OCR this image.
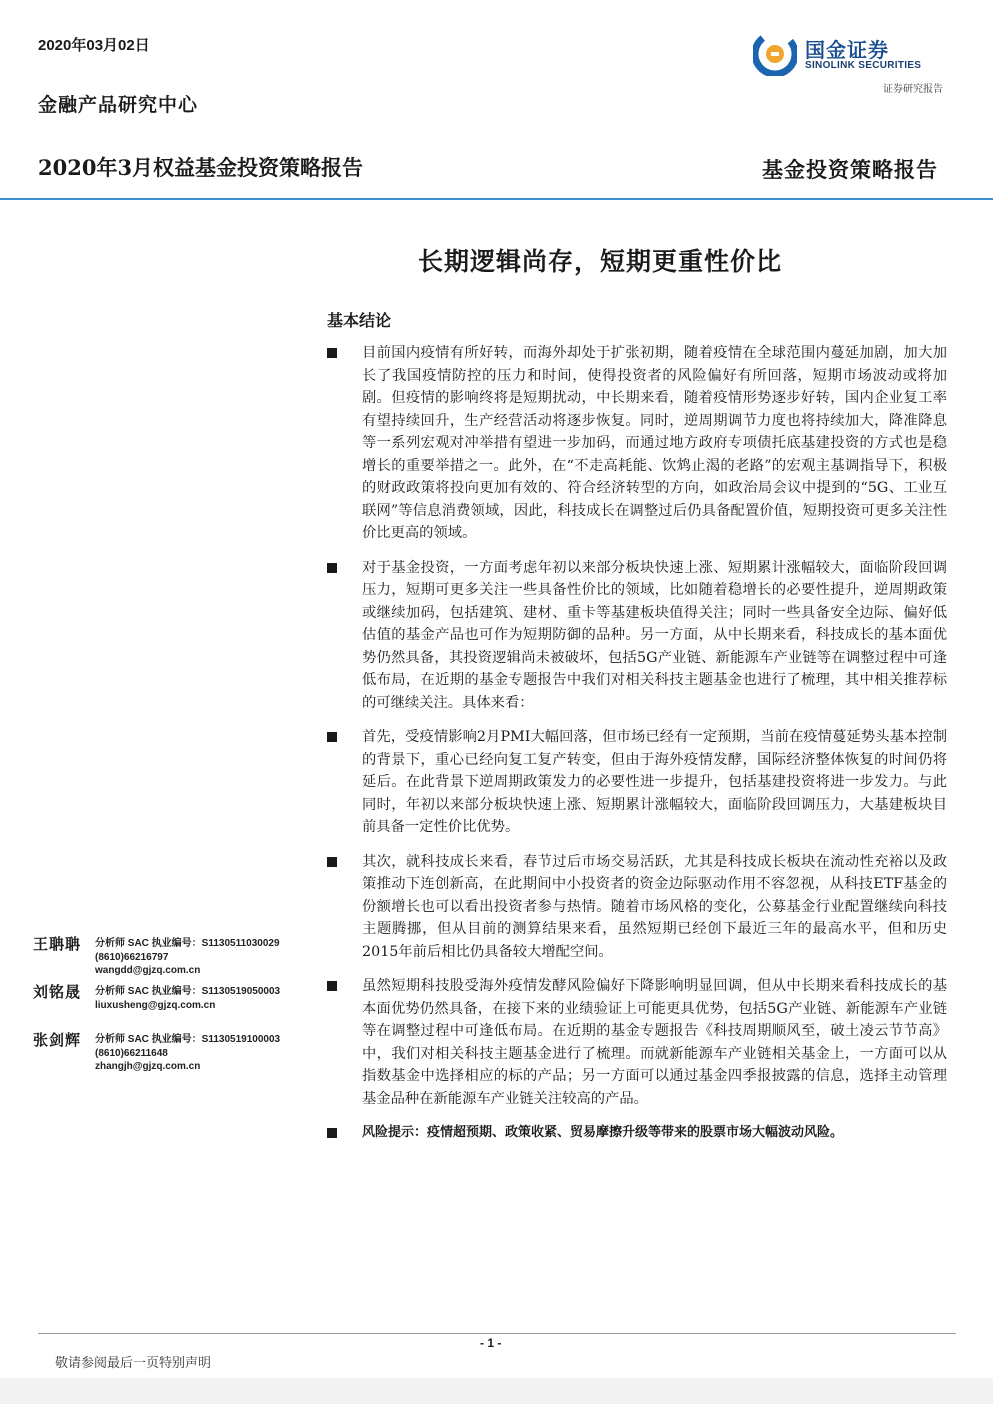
2020年03月02日
金融产品研究中心
2020年3月权益基金投资策略报告	基金投资策略报告
国金证券
SINOLINK SECURITIES
证券研究报告
长期逻辑尚存，短期更重性价比
基本结论
目前国内疫情有所好转，而海外却处于扩张初期，随着疫情在全球范围内蔓延加剧，加大加长了我国疫情防控的压力和时间，使得投资者的风险偏好有所回落，短期市场波动或将加剧。但疫情的影响终将是短期扰动，中长期来看，随着疫情形势逐步好转，国内企业复工率有望持续回升，生产经营活动将逐步恢复。同时，逆周期调节力度也将持续加大，降准降息等一系列宏观对冲举措有望进一步加码，而通过地方政府专项债托底基建投资的方式也是稳增长的重要举措之一。此外，在“不走高耗能、饮鸩止渴的老路”的宏观主基调指导下，积极的财政政策将投向更加有效的、符合经济转型的方向，如政治局会议中提到的“5G、工业互联网”等信息消费领域，因此，科技成长在调整过后仍具备配置价值，短期投资可更多关注性价比更高的领域。
对于基金投资，一方面考虑年初以来部分板块快速上涨、短期累计涨幅较大，面临阶段回调压力，短期可更多关注一些具备性价比的领域，比如随着稳增长的必要性提升，逆周期政策或继续加码，包括建筑、建材、重卡等基建板块值得关注；同时一些具备安全边际、偏好低估值的基金产品也可作为短期防御的品种。另一方面，从中长期来看，科技成长的基本面优势仍然具备，其投资逻辑尚未被破坏，包括5G产业链、新能源车产业链等在调整过程中可逢低布局，在近期的基金专题报告中我们对相关科技主题基金也进行了梳理，其中相关推荐标的可继续关注。具体来看：
首先，受疫情影响2月PMI大幅回落，但市场已经有一定预期，当前在疫情蔓延势头基本控制的背景下，重心已经向复工复产转变，但由于海外疫情发酵，国际经济整体恢复的时间仍将延后。在此背景下逆周期政策发力的必要性进一步提升，包括基建投资将进一步发力。与此同时，年初以来部分板块快速上涨、短期累计涨幅较大，面临阶段回调压力，大基建板块目前具备一定性价比优势。
其次，就科技成长来看，春节过后市场交易活跃，尤其是科技成长板块在流动性充裕以及政策推动下连创新高，在此期间中小投资者的资金边际驱动作用不容忽视，从科技ETF基金的份额增长也可以看出投资者参与热情。随着市场风格的变化，公募基金行业配置继续向科技主题腾挪，但从目前的测算结果来看，虽然短期已经创下最近三年的最高水平，但和历史2015年前后相比仍具备较大增配空间。
虽然短期科技股受海外疫情发酵风险偏好下降影响明显回调，但从中长期来看科技成长的基本面优势仍然具备，在接下来的业绩验证上可能更具优势，包括5G产业链、新能源车产业链等在调整过程中可逢低布局。在近期的基金专题报告《科技周期顺风至，破土凌云节节高》中，我们对相关科技主题基金进行了梳理。而就新能源车产业链相关基金上，一方面可以从指数基金中选择相应的标的产品；另一方面可以通过基金四季报披露的信息，选择主动管理基金品种在新能源车产业链关注较高的产品。
风险提示：疫情超预期、政策收紧、贸易摩擦升级等带来的股票市场大幅波动风险。
王聃聃 分析师 SAC 执业编号：S1130511030029
(8610)66216797
wangdd@gjzq.com.cn
刘铭晟 分析师 SAC 执业编号：S1130519050003
liuxusheng@gjzq.com.cn
张剑辉 分析师 SAC 执业编号：S1130519100003
(8610)66211648
zhangjh@gjzq.com.cn
- 1 -
敬请参阅最后一页特别声明
